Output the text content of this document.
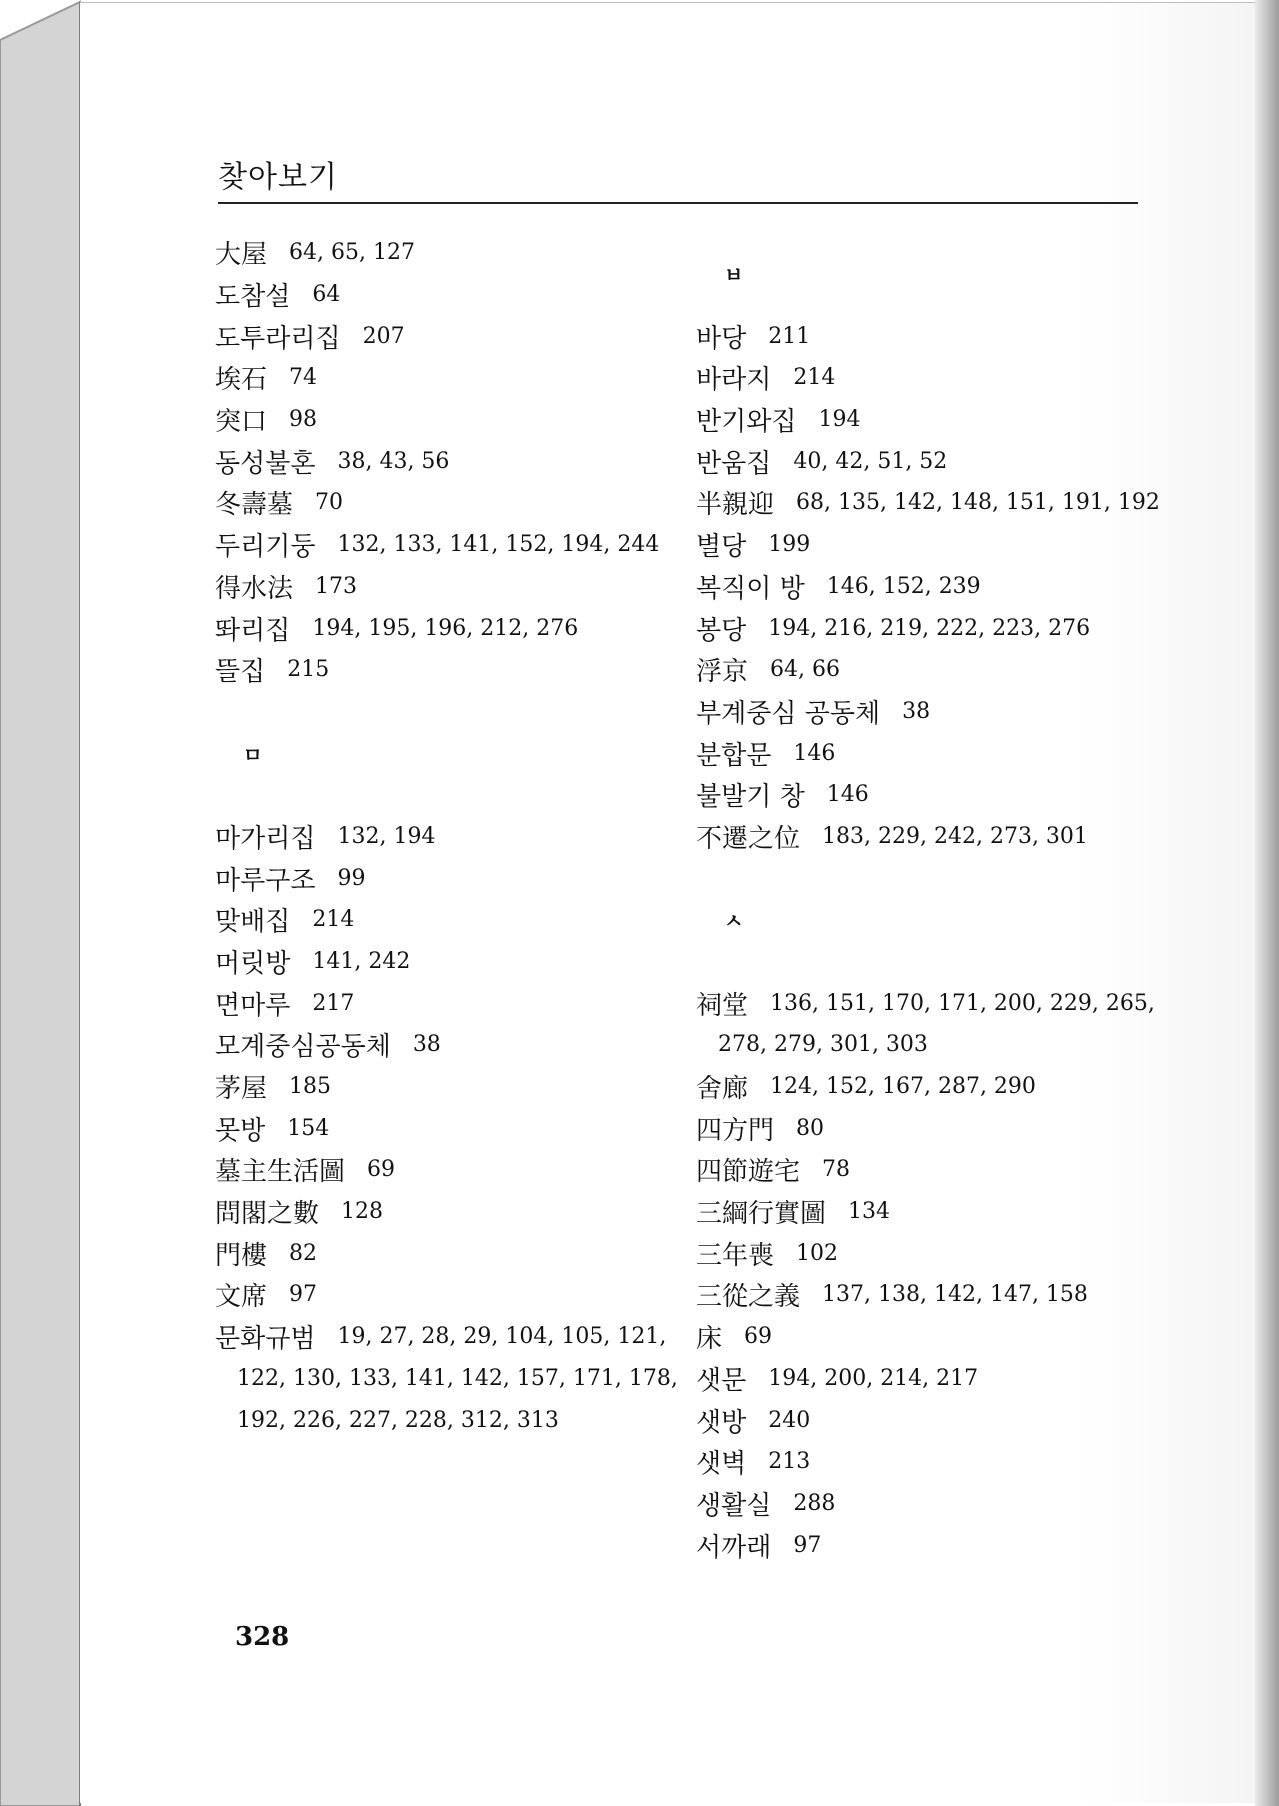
찾아보기
大屋 64, 65, 127
도참설 64
도투라리집 207
埃石 74
突口 98
동성불혼 38, 43, 56
冬壽墓 70
두리기둥 132, 133, 141, 152, 194, 244
得水法 173
똬리집 194, 195, 196, 212, 276
뜰집 215
ㅁ
마가리집 132, 194
마루구조 99
맞배집 214
머릿방 141, 242
면마루 217
모계중심공동체 38
茅屋 185
못방 154
墓主生活圖 69
問閣之數 128
門樓 82
文席 97
문화규범 19, 27, 28, 29, 104, 105, 121,
122, 130, 133, 141, 142, 157, 171, 178,
192, 226, 227, 228, 312, 313
ㅂ
바당 211
바라지 214
반기와집 194
반움집 40, 42, 51, 52
半親迎 68, 135, 142, 148, 151, 191, 192
별당 199
복직이 방 146, 152, 239
봉당 194, 216, 219, 222, 223, 276
浮京 64, 66
부계중심 공동체 38
분합문 146
불발기 창 146
不遷之位 183, 229, 242, 273, 301
ㅅ
祠堂 136, 151, 170, 171, 200, 229, 265,
278, 279, 301, 303
舍廊 124, 152, 167, 287, 290
四方門 80
四節遊宅 78
三綱行實圖 134
三年喪 102
三從之義 137, 138, 142, 147, 158
床 69
샛문 194, 200, 214, 217
샛방 240
샛벽 213
생활실 288
서까래 97
328
